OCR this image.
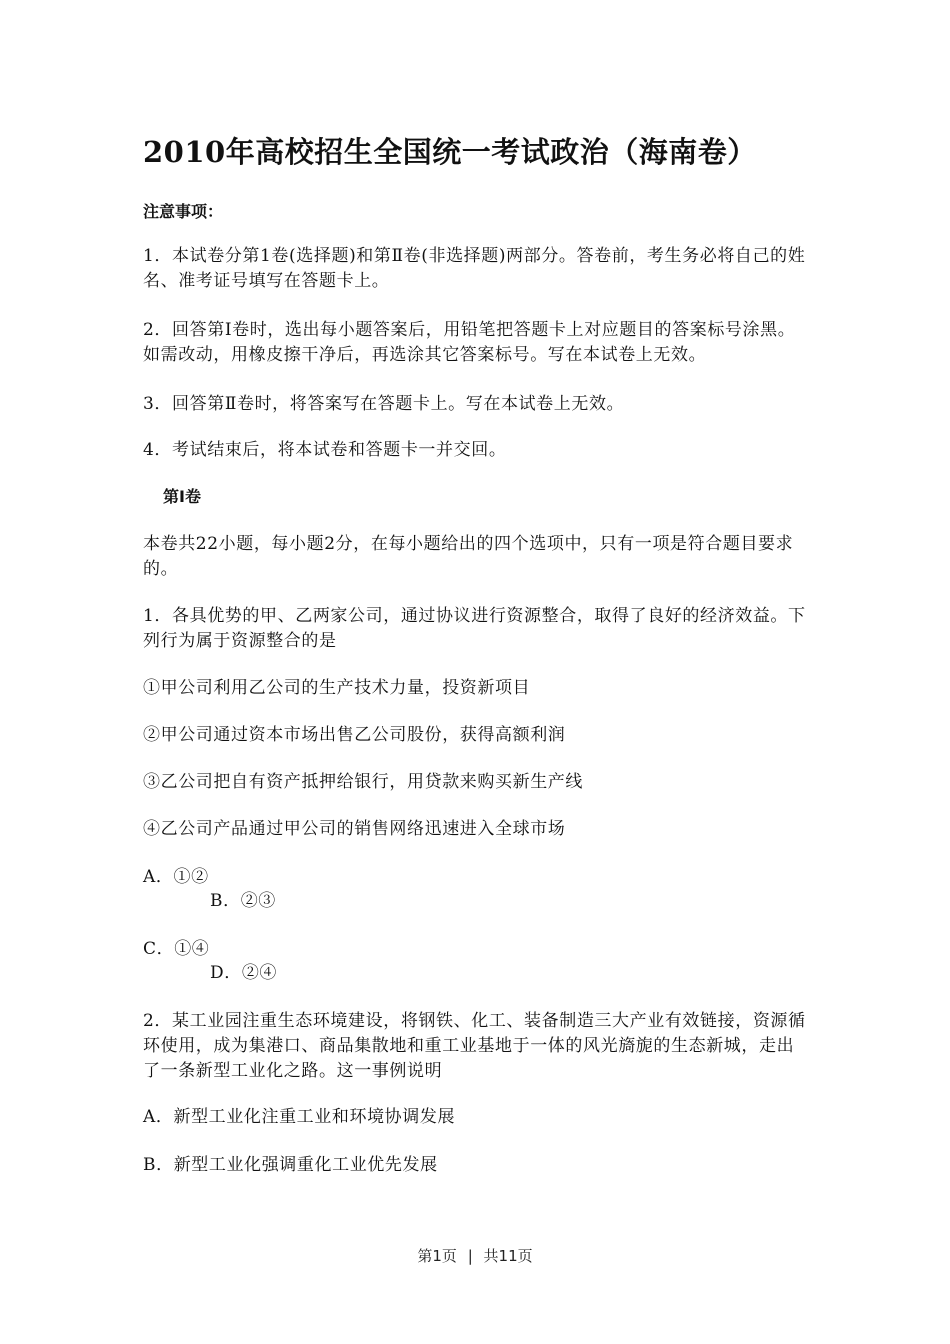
2010年高校招生全国统一考试政治（海南卷）
注意事项：
1．本试卷分第1卷(选择题)和第Ⅱ卷(非选择题)两部分。答卷前，考生务必将自己的姓名、准考证号填写在答题卡上。
2．回答第Ⅰ卷时，选出每小题答案后，用铅笔把答题卡上对应题目的答案标号涂黑。如需改动，用橡皮擦干净后，再选涂其它答案标号。写在本试卷上无效。
3．回答第Ⅱ卷时，将答案写在答题卡上。写在本试卷上无效。
4．考试结束后，将本试卷和答题卡一并交回。
第Ⅰ卷
本卷共22小题，每小题2分，在每小题给出的四个选项中，只有一项是符合题目要求的。
1．各具优势的甲、乙两家公司，通过协议进行资源整合，取得了良好的经济效益。下列行为属于资源整合的是
①甲公司利用乙公司的生产技术力量，投资新项目
②甲公司通过资本市场出售乙公司股份，获得高额利润
③乙公司把自有资产抵押给银行，用贷款来购买新生产线
④乙公司产品通过甲公司的销售网络迅速进入全球市场
A．①②
B．②③
C．①④
D．②④
2．某工业园注重生态环境建设，将钢铁、化工、装备制造三大产业有效链接，资源循环使用，成为集港口、商品集散地和重工业基地于一体的风光旖旎的生态新城，走出了一条新型工业化之路。这一事例说明
A．新型工业化注重工业和环境协调发展
B．新型工业化强调重化工业优先发展
第1页 | 共11页
